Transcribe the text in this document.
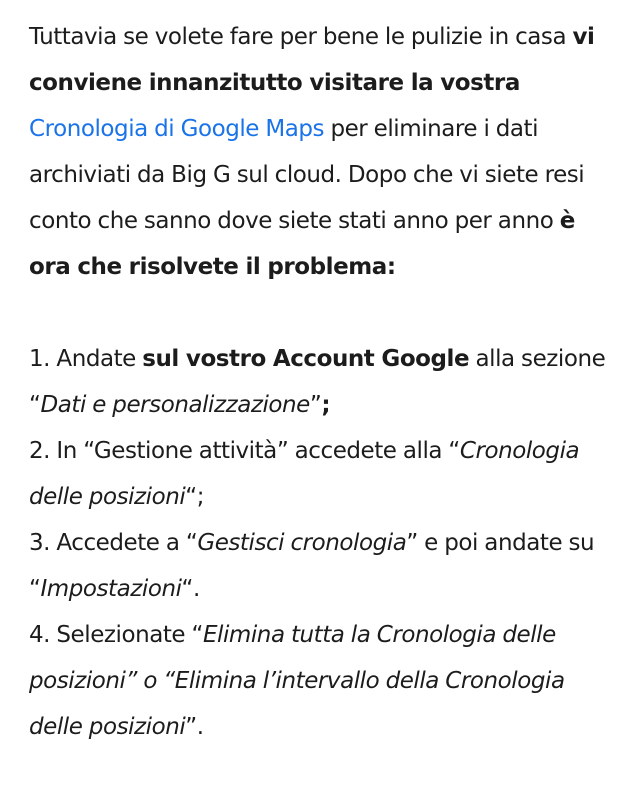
Tuttavia se volete fare per bene le pulizie in casa vi conviene innanzitutto visitare la vostra Cronologia di Google Maps per eliminare i dati archiviati da Big G sul cloud. Dopo che vi siete resi conto che sanno dove siete stati anno per anno è ora che risolvete il problema:

1. Andate sul vostro Account Google alla sezione “Dati e personalizzazione”;
2. In “Gestione attività” accedete alla “Cronologia delle posizioni“;
3. Accedete a “Gestisci cronologia” e poi andate su “Impostazioni“.
4. Selezionate “Elimina tutta la Cronologia delle posizioni” o “Elimina l’intervallo della Cronologia delle posizioni”.
